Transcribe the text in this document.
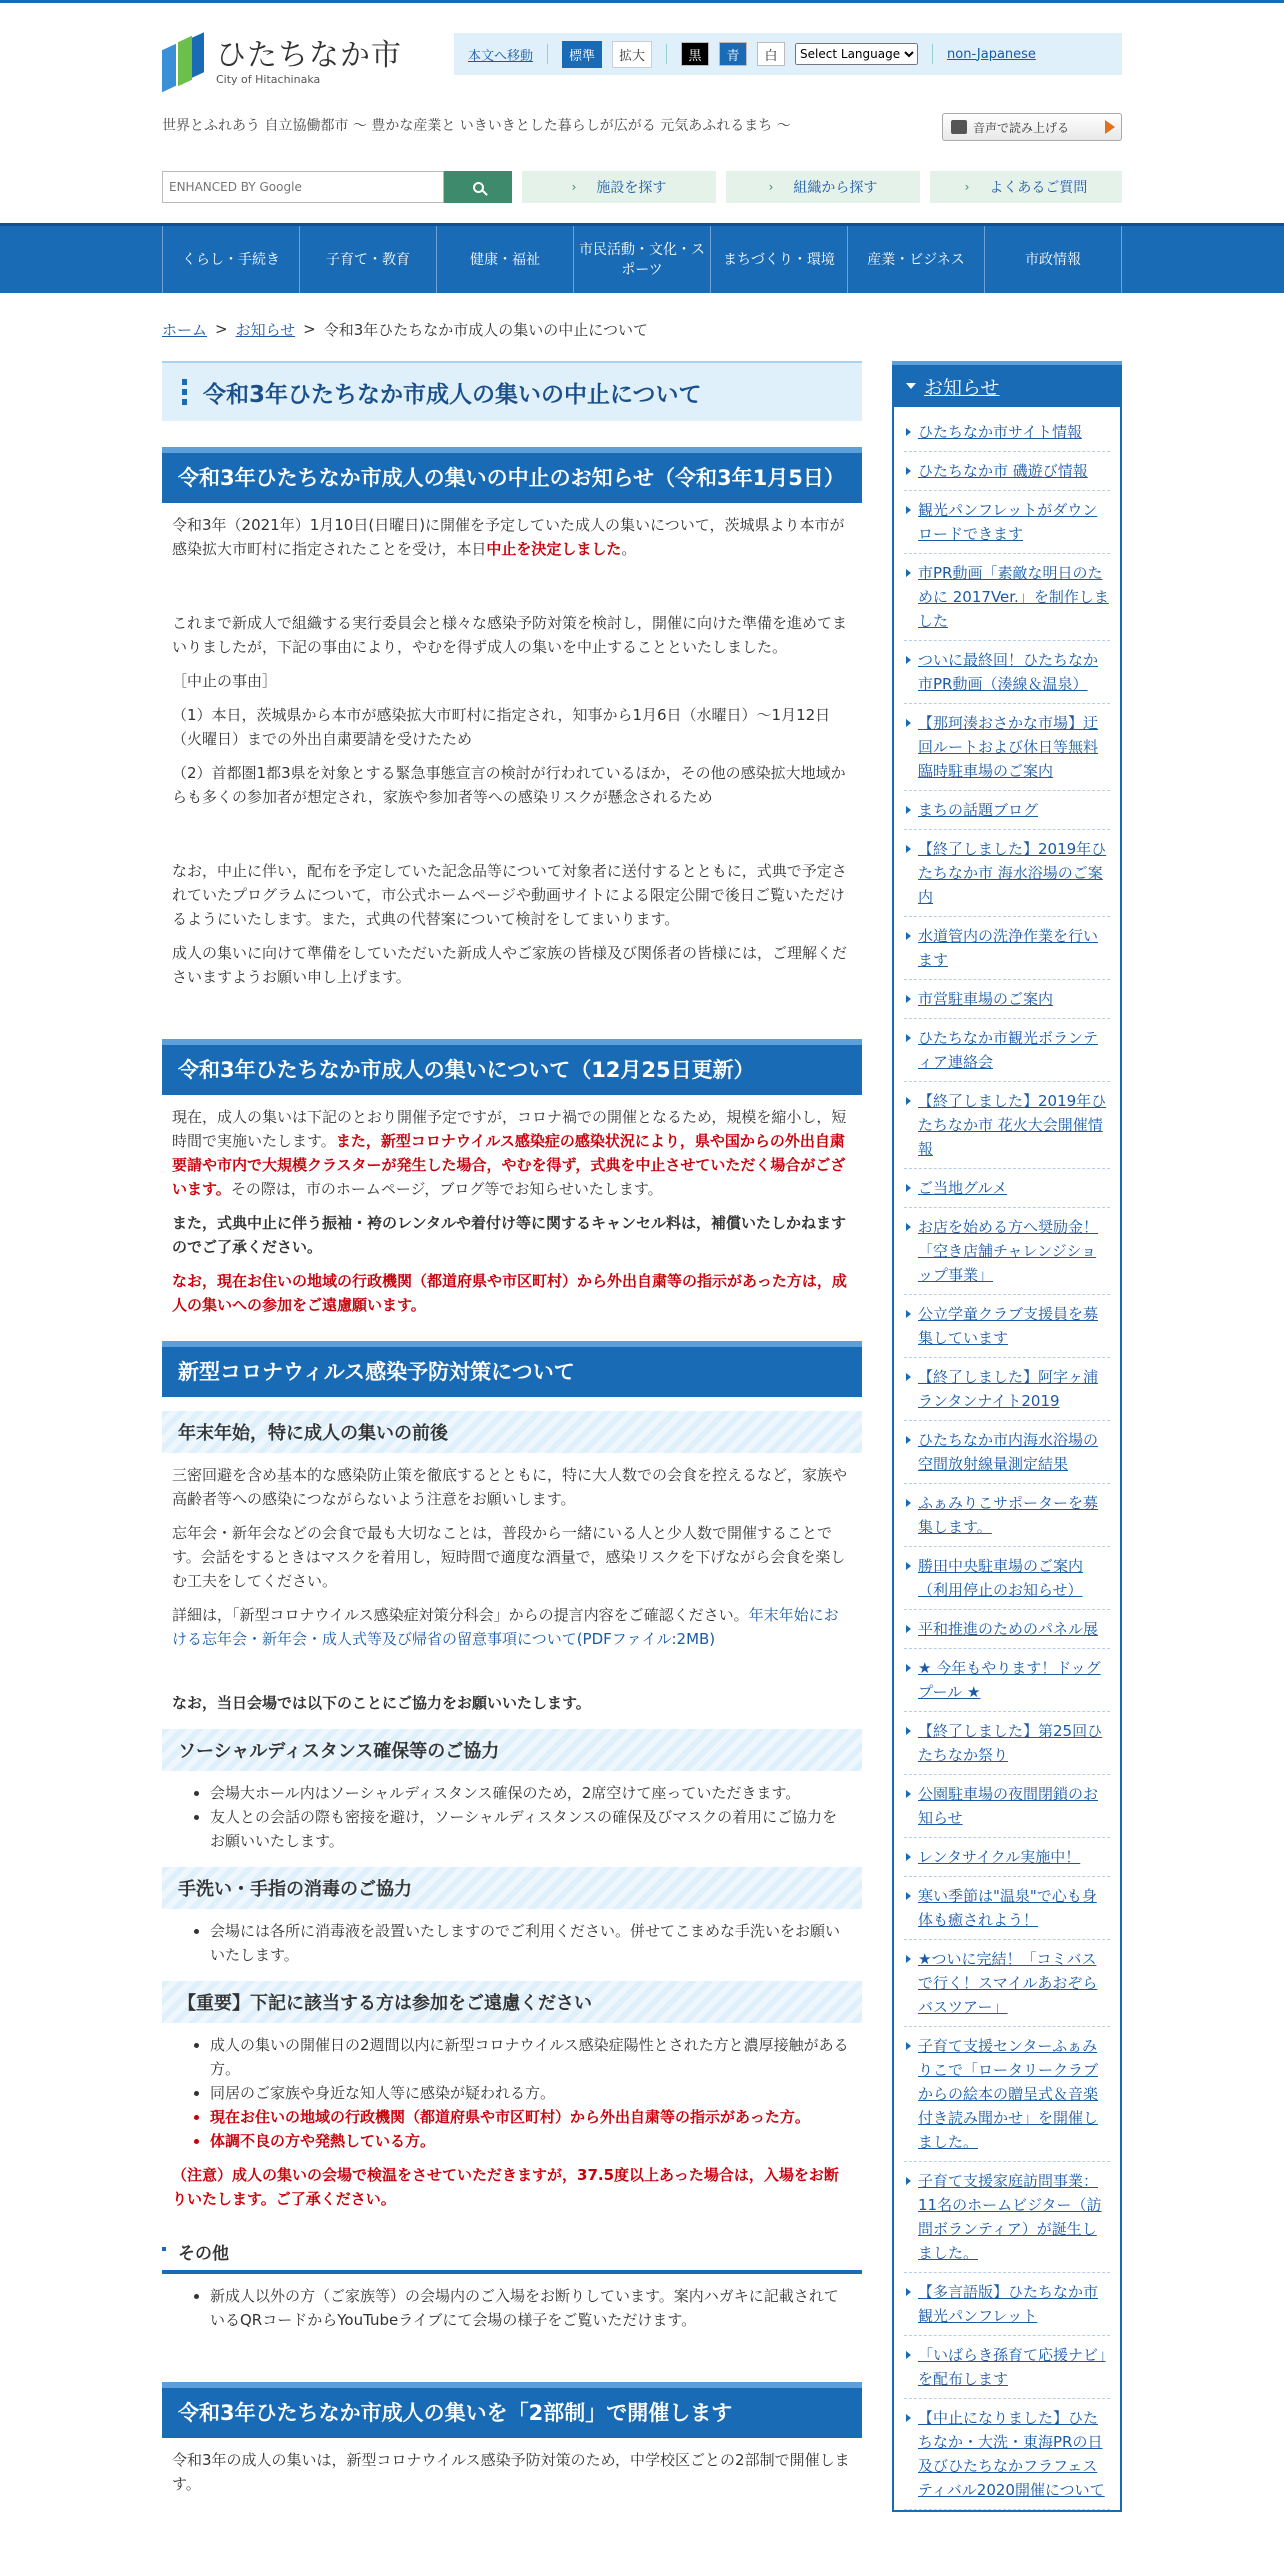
ひたちなか市
City of Hitachinaka
本文へ移動	標準	拡大	黒	青	白
Select Language	non-Japanese
世界とふれあう 自立協働都市 ～ 豊かな産業と いきいきとした暮らしが広がる 元気あふれるまち ～	音声で読み上げる
ENHANCED BY Google
› 施設を探す	› 組織から探す	› よくあるご質問
くらし・手続き	子育て・教育	健康・福祉
市民活動・文化・スポーツ
まちづくり・環境	産業・ビジネス	市政情報
ホーム > お知らせ > 令和3年ひたちなか市成人の集いの中止について
令和3年ひたちなか市成人の集いの中止について
令和3年ひたちなか市成人の集いの中止のお知らせ（令和3年1月5日）

令和3年（2021年）1月10日(日曜日)に開催を予定していた成人の集いについて，茨城県より本市が感染拡大市町村に指定されたことを受け，本日中止を決定しました。

これまで新成人で組織する実行委員会と様々な感染予防対策を検討し，開催に向けた準備を進めてまいりましたが，下記の事由により，やむを得ず成人の集いを中止することといたしました。

［中止の事由］

（1）本日，茨城県から本市が感染拡大市町村に指定され，知事から1月6日（水曜日）～1月12日（火曜日）までの外出自粛要請を受けたため

（2）首都圏1都3県を対象とする緊急事態宣言の検討が行われているほか，その他の感染拡大地域からも多くの参加者が想定され，家族や参加者等への感染リスクが懸念されるため

なお，中止に伴い，配布を予定していた記念品等について対象者に送付するとともに，式典で予定されていたプログラムについて，市公式ホームページや動画サイトによる限定公開で後日ご覧いただけるようにいたします。また，式典の代替案について検討をしてまいります。

成人の集いに向けて準備をしていただいた新成人やご家族の皆様及び関係者の皆様には，ご理解くださいますようお願い申し上げます。

令和3年ひたちなか市成人の集いについて（12月25日更新）

現在，成人の集いは下記のとおり開催予定ですが，コロナ禍での開催となるため，規模を縮小し，短時間で実施いたします。また，新型コロナウイルス感染症の感染状況により，県や国からの外出自粛要請や市内で大規模クラスターが発生した場合，やむを得ず，式典を中止させていただく場合がございます。その際は，市のホームページ，ブログ等でお知らせいたします。

また，式典中止に伴う振袖・袴のレンタルや着付け等に関するキャンセル料は，補償いたしかねますのでご了承ください。

なお，現在お住いの地域の行政機関（都道府県や市区町村）から外出自粛等の指示があった方は，成人の集いへの参加をご遠慮願います。

新型コロナウィルス感染予防対策について
年末年始，特に成人の集いの前後

三密回避を含め基本的な感染防止策を徹底するとともに，特に大人数での会食を控えるなど，家族や高齢者等への感染につながらないよう注意をお願いします。

忘年会・新年会などの会食で最も大切なことは，普段から一緒にいる人と少人数で開催することです。会話をするときはマスクを着用し，短時間で適度な酒量で，感染リスクを下げながら会食を楽しむ工夫をしてください。

詳細は，「新型コロナウイルス感染症対策分科会」からの提言内容をご確認ください。年末年始における忘年会・新年会・成人式等及び帰省の留意事項について(PDFファイル:2MB)

なお，当日会場では以下のことにご協力をお願いいたします。

ソーシャルディスタンス確保等のご協力
• 会場大ホール内はソーシャルディスタンス確保のため，2席空けて座っていただきます。
• 友人との会話の際も密接を避け，ソーシャルディスタンスの確保及びマスクの着用にご協力をお願いいたします。
手洗い・手指の消毒のご協力
• 会場には各所に消毒液を設置いたしますのでご利用ください。併せてこまめな手洗いをお願いいたします。
【重要】下記に該当する方は参加をご遠慮ください
• 成人の集いの開催日の2週間以内に新型コロナウイルス感染症陽性とされた方と濃厚接触がある方。
• 同居のご家族や身近な知人等に感染が疑われる方。
• 現在お住いの地域の行政機関（都道府県や市区町村）から外出自粛等の指示があった方。
• 体調不良の方や発熱している方。

（注意）成人の集いの会場で検温をさせていただきますが，37.5度以上あった場合は，入場をお断りいたします。ご了承ください。

その他
• 新成人以外の方（ご家族等）の会場内のご入場をお断りしています。案内ハガキに記載されているQRコードからYouTubeライブにて会場の様子をご覧いただけます。
令和3年ひたちなか市成人の集いを「2部制」で開催します

令和3年の成人の集いは，新型コロナウイルス感染予防対策のため，中学校区ごとの2部制で開催します。

お知らせ
ひたちなか市サイト情報
ひたちなか市 磯遊び情報
観光パンフレットがダウンロードできます
市PR動画「素敵な明日のために 2017Ver.」を制作しました
ついに最終回！ひたちなか市PR動画（湊線＆温泉）
【那珂湊おさかな市場】迂回ルートおよび休日等無料臨時駐車場のご案内
まちの話題ブログ
【終了しました】2019年ひたちなか市 海水浴場のご案内
水道管内の洗浄作業を行います
市営駐車場のご案内
ひたちなか市観光ボランティア連絡会
【終了しました】2019年ひたちなか市 花火大会開催情報
ご当地グルメ
お店を始める方へ奨励金！「空き店舗チャレンジショップ事業」
公立学童クラブ支援員を募集しています
【終了しました】阿字ヶ浦ランタンナイト2019
ひたちなか市内海水浴場の空間放射線量測定結果
ふぁみりこサポーターを募集します。
勝田中央駐車場のご案内（利用停止のお知らせ）
平和推進のためのパネル展
★ 今年もやります！ドッグプール ★
【終了しました】第25回ひたちなか祭り
公園駐車場の夜間閉鎖のお知らせ
レンタサイクル実施中！
寒い季節は"温泉"で心も身体も癒されよう！
★ついに完結！「コミバスで行く！スマイルあおぞらバスツアー」
子育て支援センターふぁみりこで「ロータリークラブからの絵本の贈呈式＆音楽付き読み聞かせ」を開催しました。
子育て支援家庭訪問事業：11名のホームビジター（訪問ボランティア）が誕生しました。
【多言語版】ひたちなか市観光パンフレット
「いばらき孫育て応援ナビ」を配布します
【中止になりました】ひたちなか・大洗・東海PRの日及びひたちなかフラフェスティバル2020開催について
